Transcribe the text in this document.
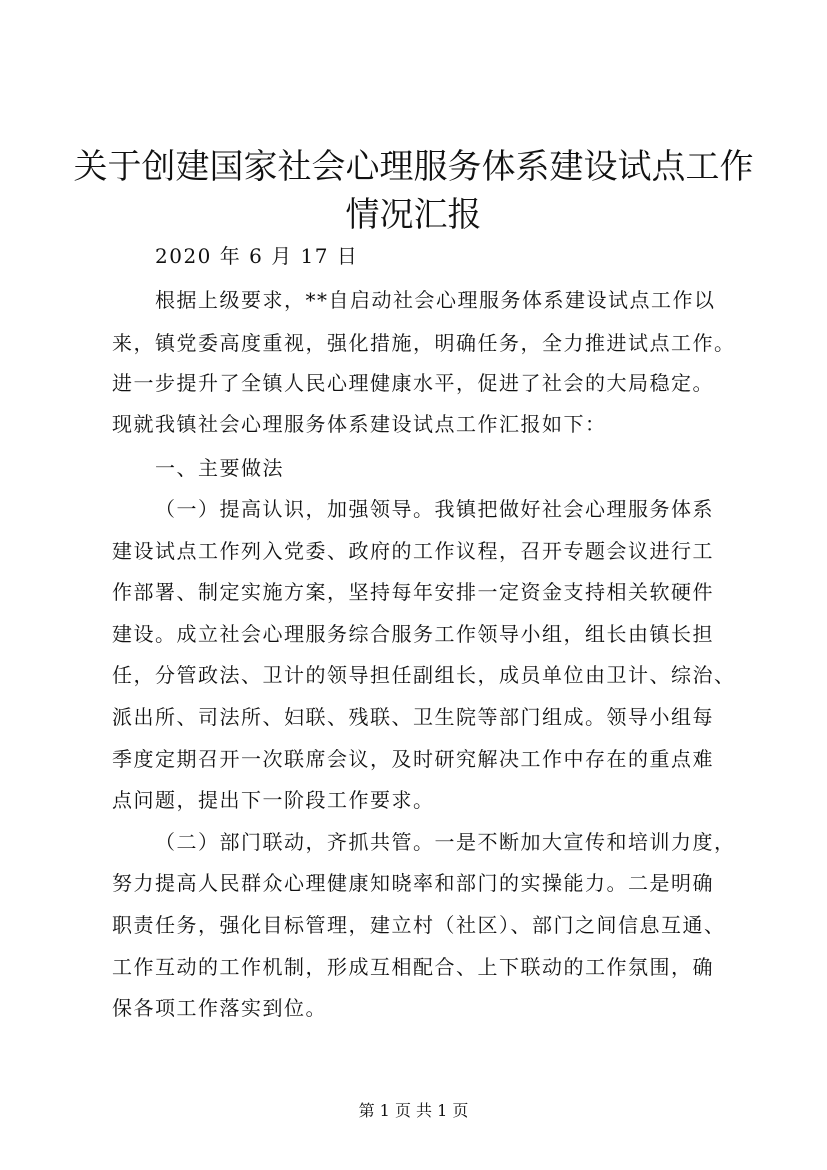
关于创建国家社会心理服务体系建设试点工作
情况汇报
2020 年 6 月 17 日
根据上级要求，**自启动社会心理服务体系建设试点工作以
来，镇党委高度重视，强化措施，明确任务，全力推进试点工作。
进一步提升了全镇人民心理健康水平，促进了社会的大局稳定。
现就我镇社会心理服务体系建设试点工作汇报如下：
一、主要做法
（一）提高认识，加强领导。我镇把做好社会心理服务体系
建设试点工作列入党委、政府的工作议程，召开专题会议进行工
作部署、制定实施方案，坚持每年安排一定资金支持相关软硬件
建设。成立社会心理服务综合服务工作领导小组，组长由镇长担
任，分管政法、卫计的领导担任副组长，成员单位由卫计、综治、
派出所、司法所、妇联、残联、卫生院等部门组成。领导小组每
季度定期召开一次联席会议，及时研究解决工作中存在的重点难
点问题，提出下一阶段工作要求。
（二）部门联动，齐抓共管。一是不断加大宣传和培训力度，
努力提高人民群众心理健康知晓率和部门的实操能力。二是明确
职责任务，强化目标管理，建立村（社区）、部门之间信息互通、
工作互动的工作机制，形成互相配合、上下联动的工作氛围，确
保各项工作落实到位。
第 1 页 共 1 页
